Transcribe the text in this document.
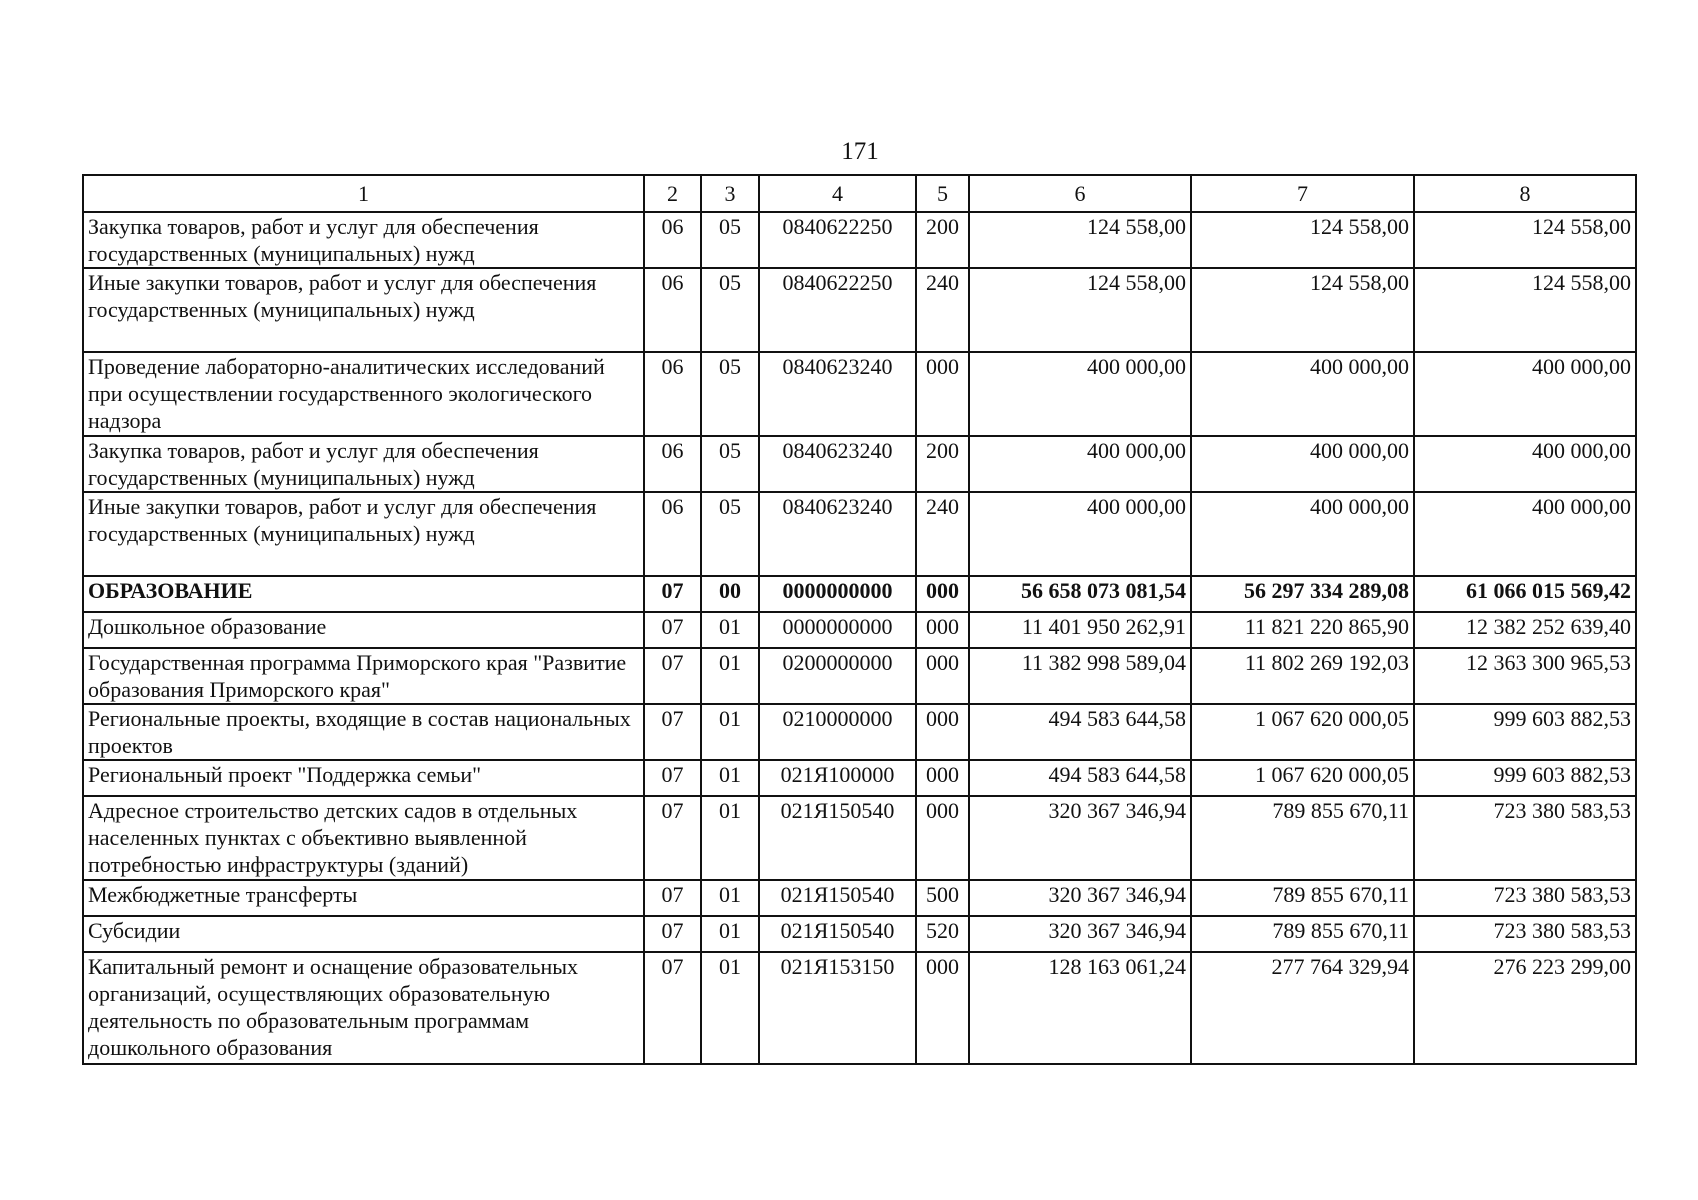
171
1	2	3	4	5	6	7	8
Закупка товаров, работ и услуг для обеспечения государственных (муниципальных) нужд	06	05	0840622250	200	124 558,00	124 558,00	124 558,00
Иные закупки товаров, работ и услуг для обеспечения государственных (муниципальных) нужд	06	05	0840622250	240	124 558,00	124 558,00	124 558,00
Проведение лабораторно-аналитических исследований при осуществлении государственного экологического надзора	06	05	0840623240	000	400 000,00	400 000,00	400 000,00
Закупка товаров, работ и услуг для обеспечения государственных (муниципальных) нужд	06	05	0840623240	200	400 000,00	400 000,00	400 000,00
Иные закупки товаров, работ и услуг для обеспечения государственных (муниципальных) нужд	06	05	0840623240	240	400 000,00	400 000,00	400 000,00
ОБРАЗОВАНИЕ	07	00	0000000000	000	56 658 073 081,54	56 297 334 289,08	61 066 015 569,42
Дошкольное образование	07	01	0000000000	000	11 401 950 262,91	11 821 220 865,90	12 382 252 639,40
Государственная программа Приморского края "Развитие образования Приморского края"	07	01	0200000000	000	11 382 998 589,04	11 802 269 192,03	12 363 300 965,53
Региональные проекты, входящие в состав национальных проектов	07	01	0210000000	000	494 583 644,58	1 067 620 000,05	999 603 882,53
Региональный проект "Поддержка семьи"	07	01	021Я100000	000	494 583 644,58	1 067 620 000,05	999 603 882,53
Адресное строительство детских садов в отдельных населенных пунктах с объективно выявленной потребностью инфраструктуры (зданий)	07	01	021Я150540	000	320 367 346,94	789 855 670,11	723 380 583,53
Межбюджетные трансферты	07	01	021Я150540	500	320 367 346,94	789 855 670,11	723 380 583,53
Субсидии	07	01	021Я150540	520	320 367 346,94	789 855 670,11	723 380 583,53
Капитальный ремонт и оснащение образовательных организаций, осуществляющих образовательную деятельность по образовательным программам дошкольного образования	07	01	021Я153150	000	128 163 061,24	277 764 329,94	276 223 299,00
